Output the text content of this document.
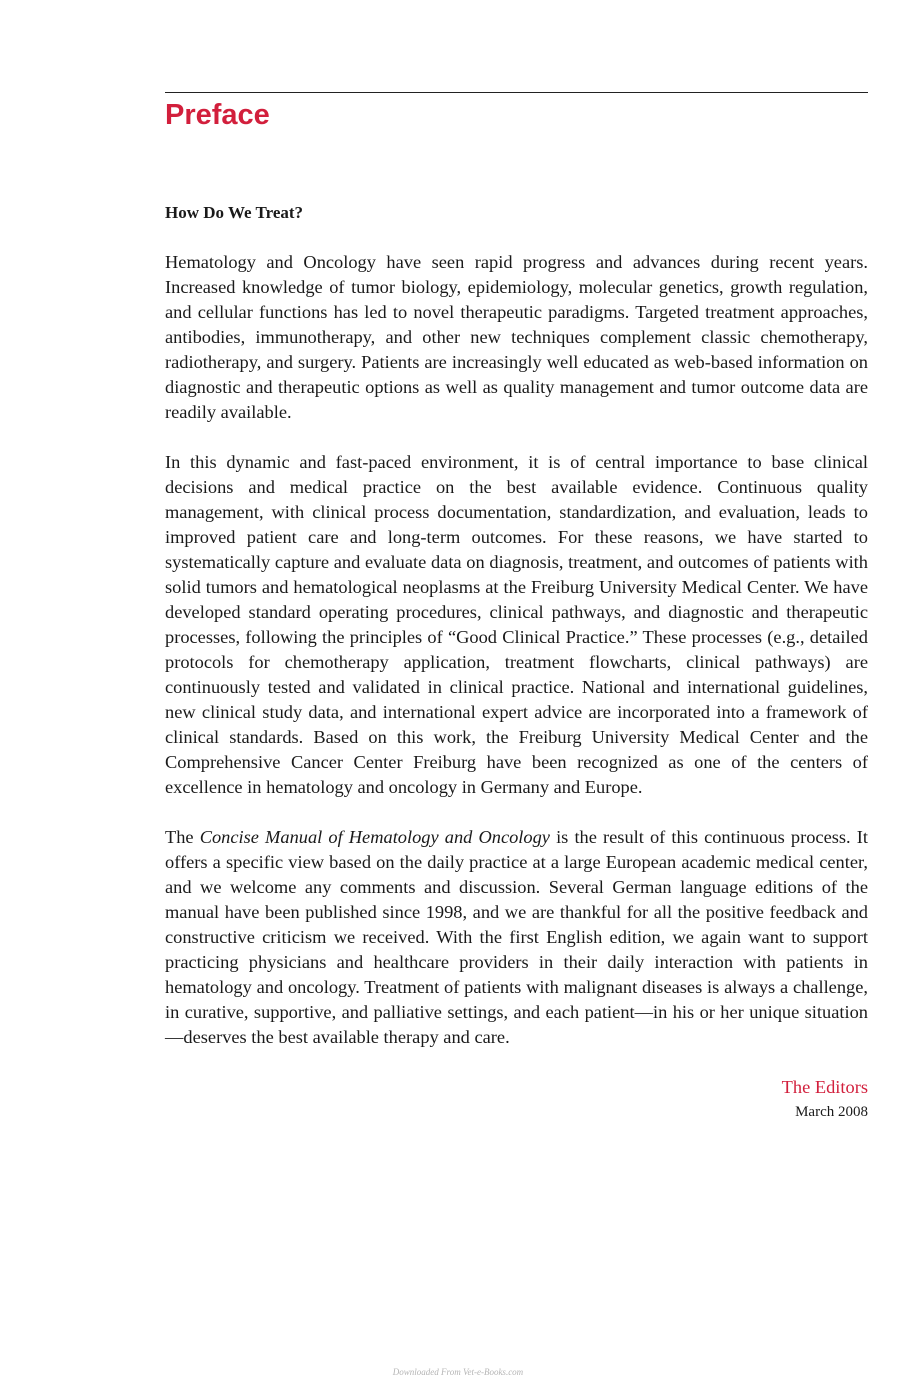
Preface
How Do We Treat?

Hematology and Oncology have seen rapid progress and advances during recent years. Increased knowledge of tumor biology, epidemiology, molecular genetics, growth regulation, and cellular functions has led to novel therapeutic paradigms. Targeted treatment approaches, antibodies, immunotherapy, and other new techniques complement classic chemotherapy, radiotherapy, and surgery. Patients are increasingly well educated as web-based information on diagnostic and therapeutic options as well as quality management and tumor outcome data are readily available.

In this dynamic and fast-paced environment, it is of central importance to base clinical decisions and medical practice on the best available evidence. Continuous quality management, with clinical process documentation, standardization, and evaluation, leads to improved patient care and long-term outcomes. For these reasons, we have started to systematically capture and evaluate data on diagnosis, treatment, and outcomes of patients with solid tumors and hematological neoplasms at the Freiburg University Medical Center. We have developed standard operating procedures, clinical pathways, and diagnostic and therapeutic processes, following the principles of “Good Clinical Practice.” These processes (e.g., detailed protocols for chemotherapy application, treatment flowcharts, clinical pathways) are continuously tested and validated in clinical practice. National and international guidelines, new clinical study data, and international expert advice are incorporated into a framework of clinical standards. Based on this work, the Freiburg University Medical Center and the Comprehensive Cancer Center Freiburg have been recognized as one of the centers of excellence in hematology and oncology in Germany and Europe.

The Concise Manual of Hematology and Oncology is the result of this continuous process. It offers a specific view based on the daily practice at a large European academic medical center, and we welcome any comments and discussion. Several German language editions of the manual have been published since 1998, and we are thankful for all the positive feedback and constructive criticism we received. With the first English edition, we again want to support practicing physicians and healthcare providers in their daily interaction with patients in hematology and oncology. Treatment of patients with malignant diseases is always a challenge, in curative, supportive, and palliative settings, and each patient—in his or her unique situation—deserves the best available therapy and care.

The Editors
March 2008
Downloaded From Vet-e-Books.com
